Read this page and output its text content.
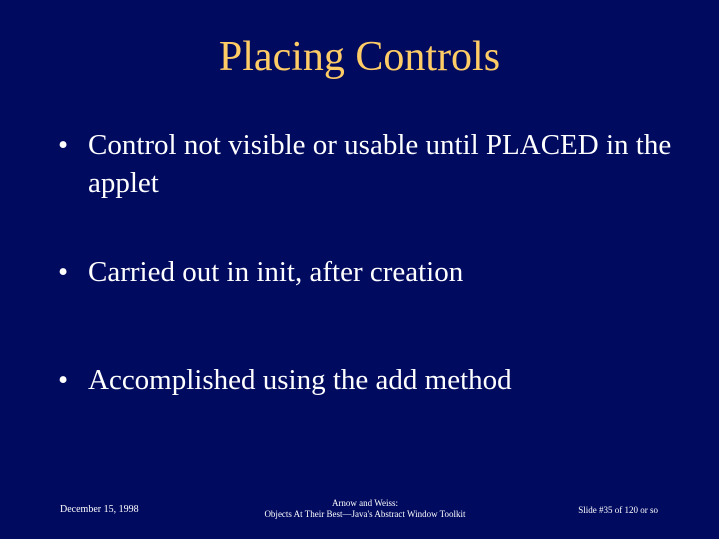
Placing Controls
• Control not visible or usable until PLACED in the applet
• Carried out in init, after creation
• Accomplished using the add method
December 15, 1998
Arnow and Weiss:
Objects At Their Best—Java's Abstract Window Toolkit	Slide #35 of 120 or so
